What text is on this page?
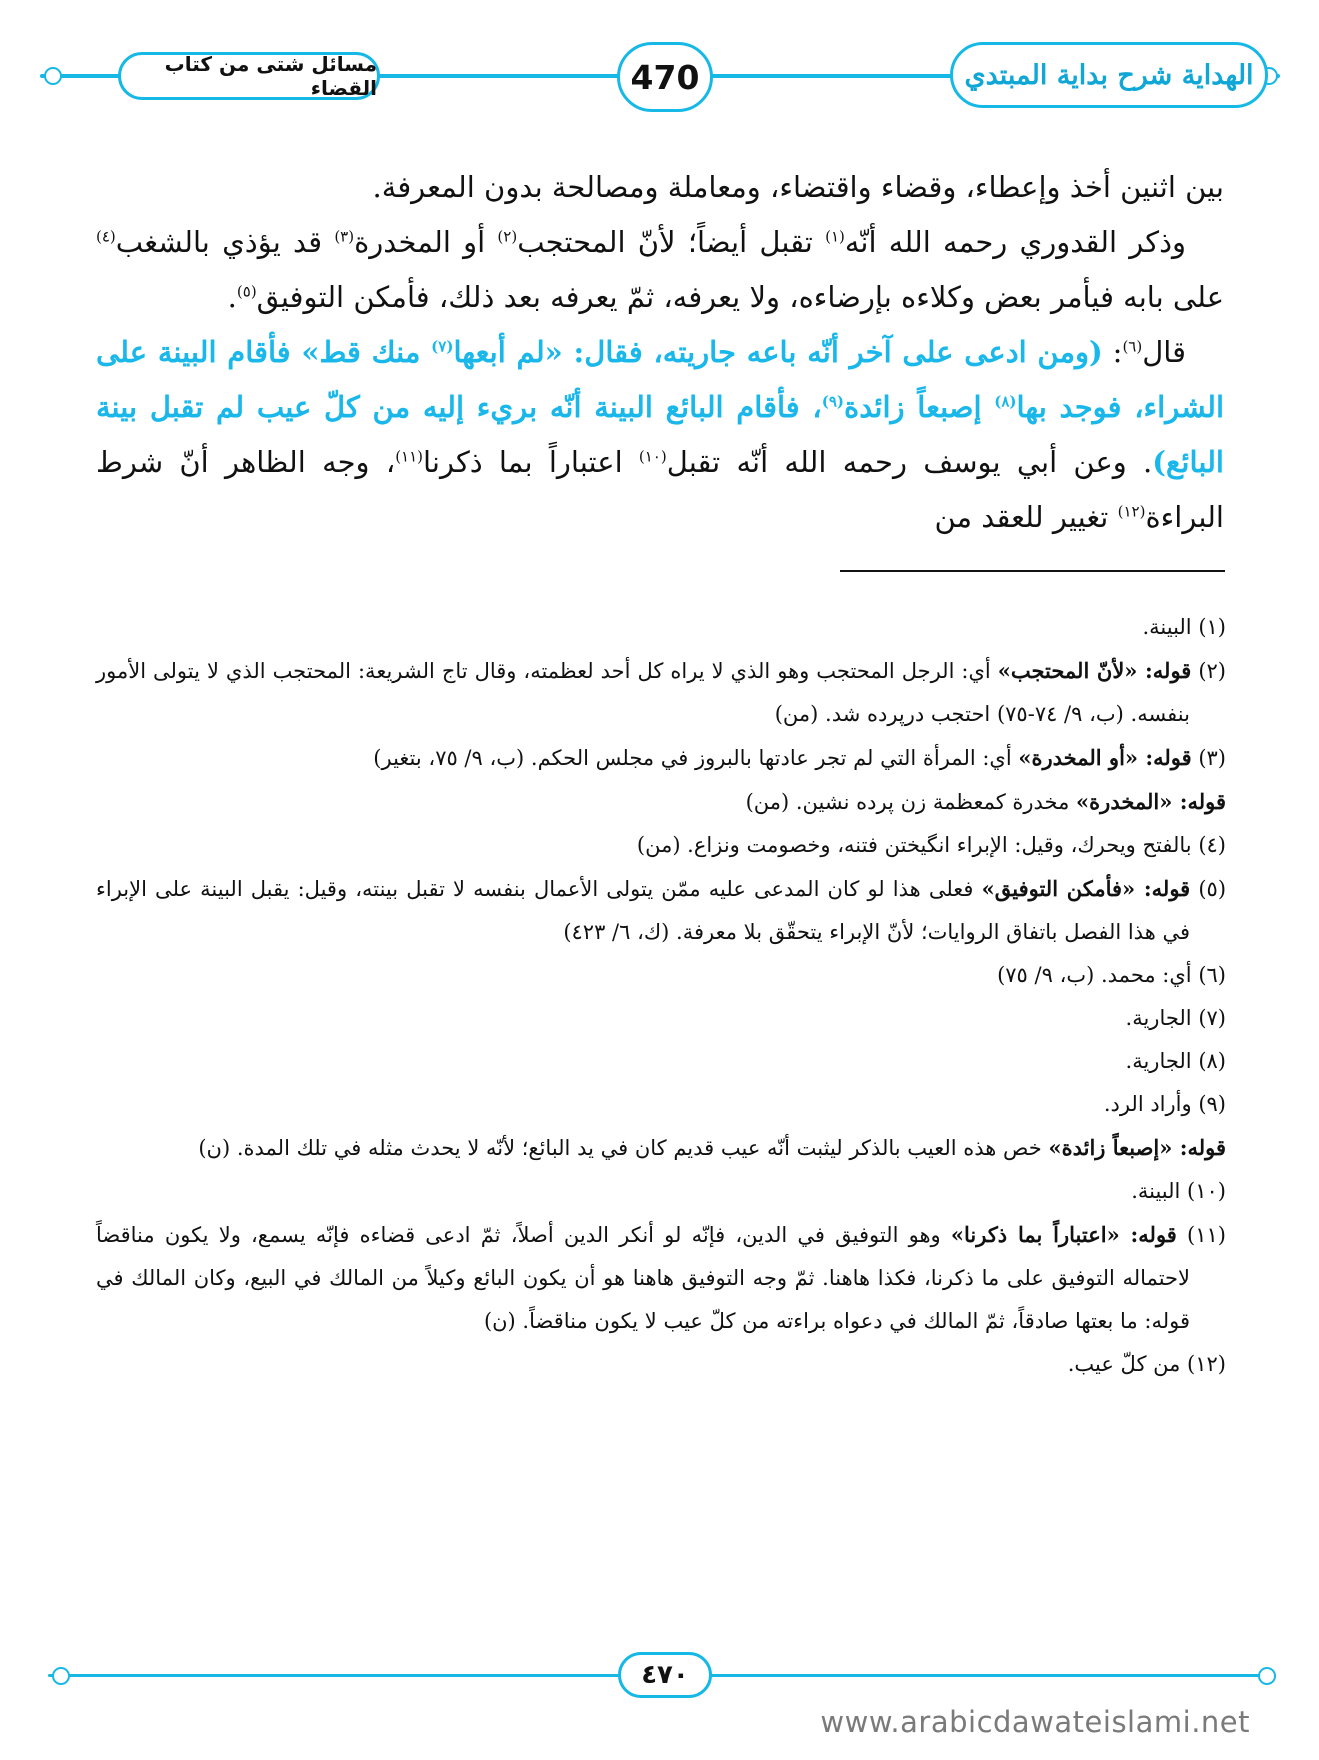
الهداية شرح بداية المبتدي
470
مسائل شتى من كتاب القضاء

بين اثنين أخذ وإعطاء، وقضاء واقتضاء، ومعاملة ومصالحة بدون المعرفة.

وذكر القدوري رحمه الله أنّه$^{(١)}$ تقبل أيضاً؛ لأنّ المحتجب$^{(٢)}$ أو المخدرة$^{(٣)}$ قد يؤذي بالشغب$^{(٤)}$ على بابه فيأمر بعض وكلاءه بإرضاءه، ولا يعرفه، ثمّ يعرفه بعد ذلك، فأمكن التوفيق$^{(٥)}$.

قال$^{(٦)}$: (ومن ادعى على آخر أنّه باعه جاريته، فقال: «لم أبعها$^{(٧)}$ منك قط» فأقام البينة على الشراء، فوجد بها$^{(٨)}$ إصبعاً زائدة$^{(٩)}$، فأقام البائع البينة أنّه بريء إليه من كلّ عيب لم تقبل بينة البائع). وعن أبي يوسف رحمه الله أنّه تقبل$^{(١٠)}$ اعتباراً بما ذكرنا$^{(١١)}$، وجه الظاهر أنّ شرط البراءة$^{(١٢)}$ تغيير للعقد من

(١) البينة.

(٢) قوله: «لأنّ المحتجب» أي: الرجل المحتجب وهو الذي لا يراه كل أحد لعظمته، وقال تاج الشريعة: المحتجب الذي لا يتولى الأمور بنفسه. (ب، ٩/ ٧٤-٧٥) احتجب درپرده شد. (من)

(٣) قوله: «أو المخدرة» أي: المرأة التي لم تجر عادتها بالبروز في مجلس الحكم. (ب، ٩/ ٧٥، بتغير)

قوله: «المخدرة» مخدرة كمعظمة زن پرده نشين. (من)

(٤) بالفتح ويحرك، وقيل: الإبراء انگيختن فتنه، وخصومت ونزاع. (من)

(٥) قوله: «فأمكن التوفيق» فعلى هذا لو كان المدعى عليه ممّن يتولى الأعمال بنفسه لا تقبل بينته، وقيل: يقبل البينة على الإبراء في هذا الفصل باتفاق الروايات؛ لأنّ الإبراء يتحقّق بلا معرفة. (ك، ٦/ ٤٢٣)

(٦) أي: محمد. (ب، ٩/ ٧٥)

(٧) الجارية.

(٨) الجارية.

(٩) وأراد الرد.

قوله: «إصبعاً زائدة» خص هذه العيب بالذكر ليثبت أنّه عيب قديم كان في يد البائع؛ لأنّه لا يحدث مثله في تلك المدة. (ن)

(١٠) البينة.

(١١) قوله: «اعتباراً بما ذكرنا» وهو التوفيق في الدين، فإنّه لو أنكر الدين أصلاً، ثمّ ادعى قضاءه فإنّه يسمع، ولا يكون مناقضاً لاحتماله التوفيق على ما ذكرنا، فكذا هاهنا. ثمّ وجه التوفيق هاهنا هو أن يكون البائع وكيلاً من المالك في البيع، وكان المالك في قوله: ما بعتها صادقاً، ثمّ المالك في دعواه براءته من كلّ عيب لا يكون مناقضاً. (ن)

(١٢) من كلّ عيب.

٤٧٠
www.arabicdawateislami.net
